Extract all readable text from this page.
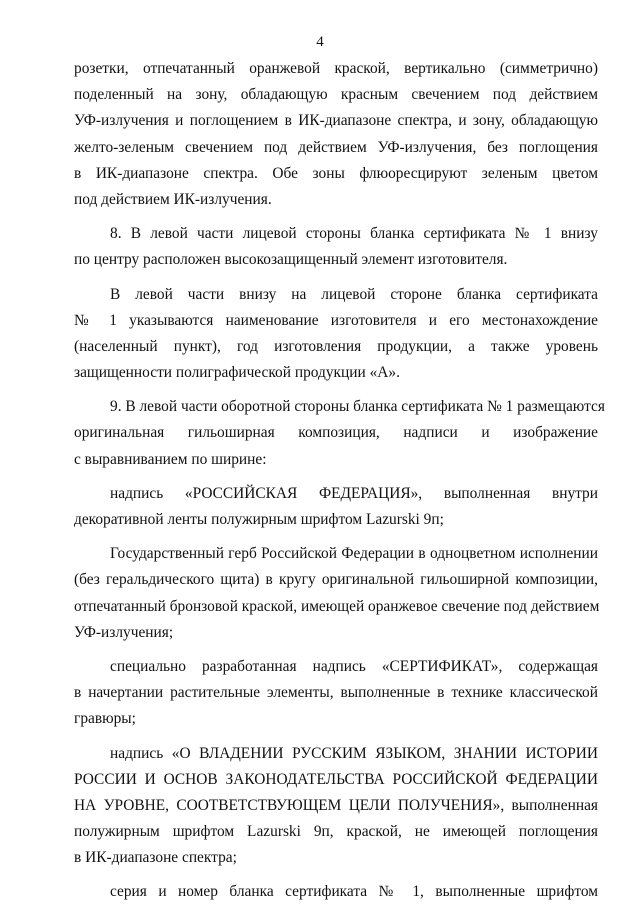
4
розетки, отпечатанный оранжевой краской, вертикально (симметрично)
поделенный на зону, обладающую красным свечением под действием
УФ-излучения и поглощением в ИК-диапазоне спектра, и зону, обладающую
желто-зеленым свечением под действием УФ-излучения, без поглощения
в ИК-диапазоне спектра. Обе зоны флюоресцируют зеленым цветом
под действием ИК-излучения.
8. В левой части лицевой стороны бланка сертификата № 1 внизу
по центру расположен высокозащищенный элемент изготовителя.
В левой части внизу на лицевой стороне бланка сертификата
№ 1 указываются наименование изготовителя и его местонахождение
(населенный пункт), год изготовления продукции, а также уровень
защищенности полиграфической продукции «А».
9. В левой части оборотной стороны бланка сертификата № 1 размещаются
оригинальная гильоширная композиция, надписи и изображение
с выравниванием по ширине:
надпись «РОССИЙСКАЯ ФЕДЕРАЦИЯ», выполненная внутри
декоративной ленты полужирным шрифтом Lazurski 9п;
Государственный герб Российской Федерации в одноцветном исполнении
(без геральдического щита) в кругу оригинальной гильоширной композиции,
отпечатанный бронзовой краской, имеющей оранжевое свечение под действием
УФ-излучения;
специально разработанная надпись «СЕРТИФИКАТ», содержащая
в начертании растительные элементы, выполненные в технике классической
гравюры;
надпись «О ВЛАДЕНИИ РУССКИМ ЯЗЫКОМ, ЗНАНИИ ИСТОРИИ
РОССИИ И ОСНОВ ЗАКОНОДАТЕЛЬСТВА РОССИЙСКОЙ ФЕДЕРАЦИИ
НА УРОВНЕ, СООТВЕТСТВУЮЩЕМ ЦЕЛИ ПОЛУЧЕНИЯ», выполненная
полужирным шрифтом Lazurski 9п, краской, не имеющей поглощения
в ИК-диапазоне спектра;
серия и номер бланка сертификата № 1, выполненные шрифтом
